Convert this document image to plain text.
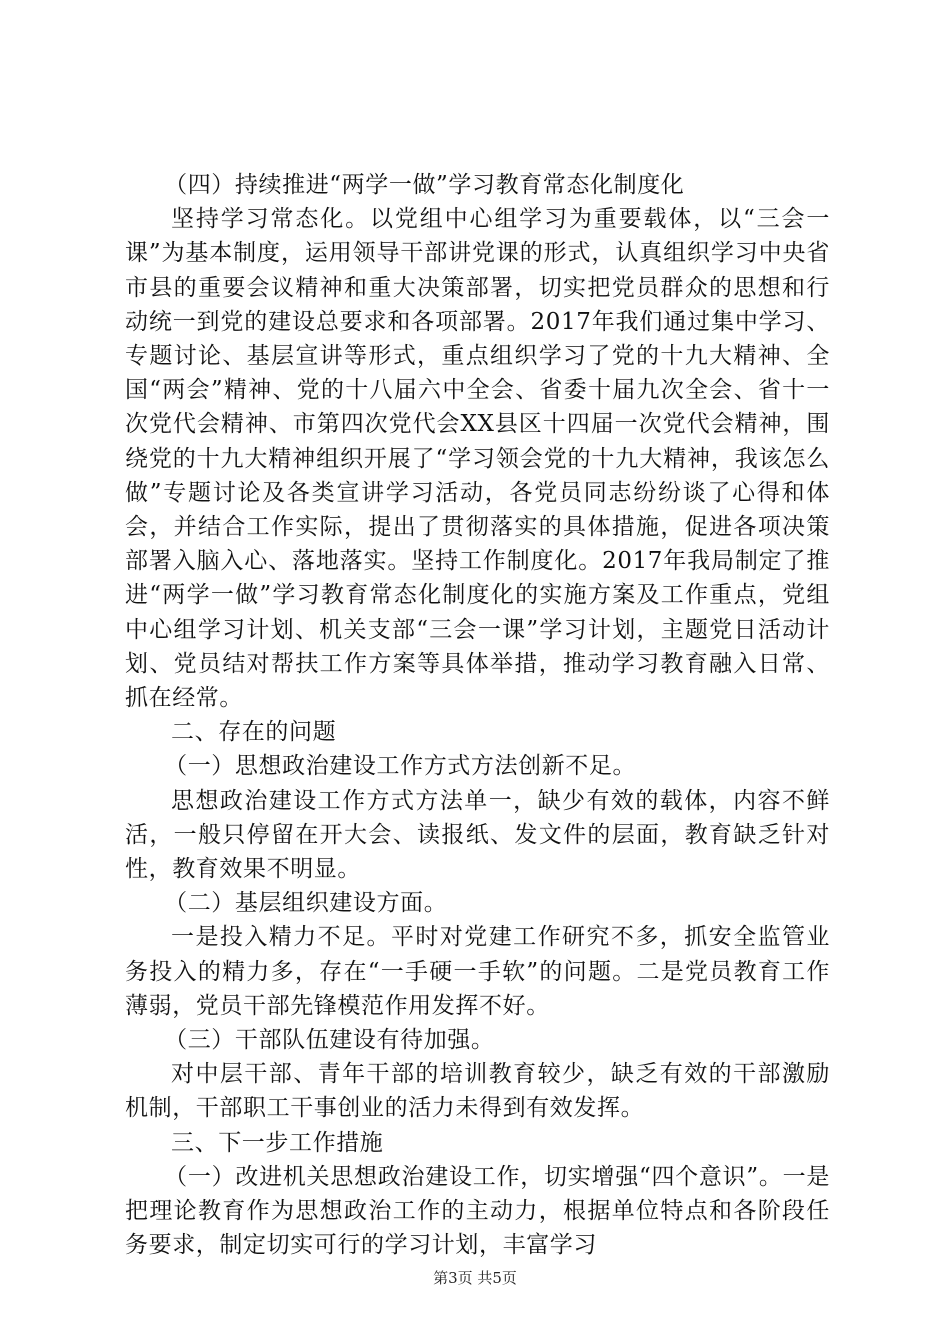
（四）持续推进“两学一做”学习教育常态化制度化

坚持学习常态化。以党组中心组学习为重要载体，以“三会一课”为基本制度，运用领导干部讲党课的形式，认真组织学习中央省市县的重要会议精神和重大决策部署，切实把党员群众的思想和行动统一到党的建设总要求和各项部署。2017年我们通过集中学习、专题讨论、基层宣讲等形式，重点组织学习了党的十九大精神、全国“两会”精神、党的十八届六中全会、省委十届九次全会、省十一次党代会精神、市第四次党代会XX县区十四届一次党代会精神，围绕党的十九大精神组织开展了“学习领会党的十九大精神，我该怎么做”专题讨论及各类宣讲学习活动，各党员同志纷纷谈了心得和体会，并结合工作实际，提出了贯彻落实的具体措施，促进各项决策部署入脑入心、落地落实。坚持工作制度化。2017年我局制定了推进“两学一做”学习教育常态化制度化的实施方案及工作重点，党组中心组学习计划、机关支部“三会一课”学习计划，主题党日活动计划、党员结对帮扶工作方案等具体举措，推动学习教育融入日常、抓在经常。

二、存在的问题

（一）思想政治建设工作方式方法创新不足。

思想政治建设工作方式方法单一，缺少有效的载体，内容不鲜活，一般只停留在开大会、读报纸、发文件的层面，教育缺乏针对性，教育效果不明显。

（二）基层组织建设方面。

一是投入精力不足。平时对党建工作研究不多，抓安全监管业务投入的精力多，存在“一手硬一手软”的问题。二是党员教育工作薄弱，党员干部先锋模范作用发挥不好。

（三）干部队伍建设有待加强。

对中层干部、青年干部的培训教育较少，缺乏有效的干部激励机制，干部职工干事创业的活力未得到有效发挥。

三、下一步工作措施

（一）改进机关思想政治建设工作，切实增强“四个意识”。一是把理论教育作为思想政治工作的主动力，根据单位特点和各阶段任务要求，制定切实可行的学习计划，丰富学习

第3页 共5页
